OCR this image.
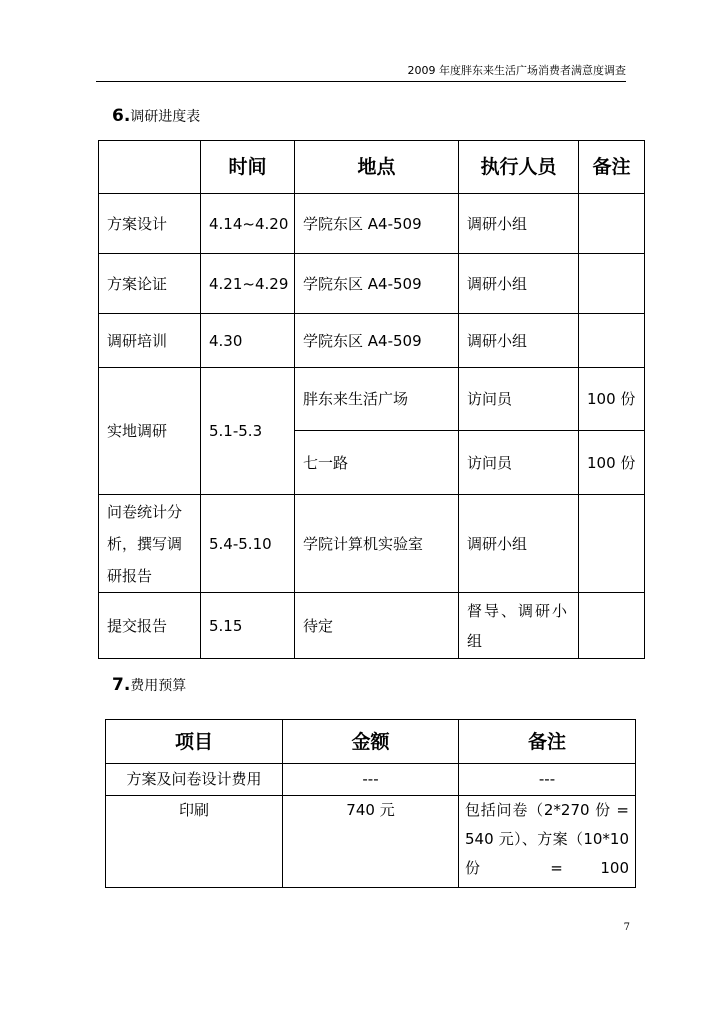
2009 年度胖东来生活广场消费者满意度调查
6.调研进度表
	时间	地点	执行人员	备注
方案设计	4.14~4.20	学院东区 A4-509	调研小组	
方案论证	4.21~4.29	学院东区 A4-509	调研小组	
调研培训	4.30	学院东区 A4-509	调研小组	
实地调研	5.1-5.3	胖东来生活广场	访问员	100 份
		七一路	访问员	100 份
问卷统计分析，撰写调研报告	5.4-5.10	学院计算机实验室	调研小组	
提交报告	5.15	待定	督导、调研小组	
7.费用预算
项目	金额	备注
方案及问卷设计费用	---	---
印刷	740 元	包括问卷（2*270 份 = 540 元）、方案（10*10 份 = 100
7
